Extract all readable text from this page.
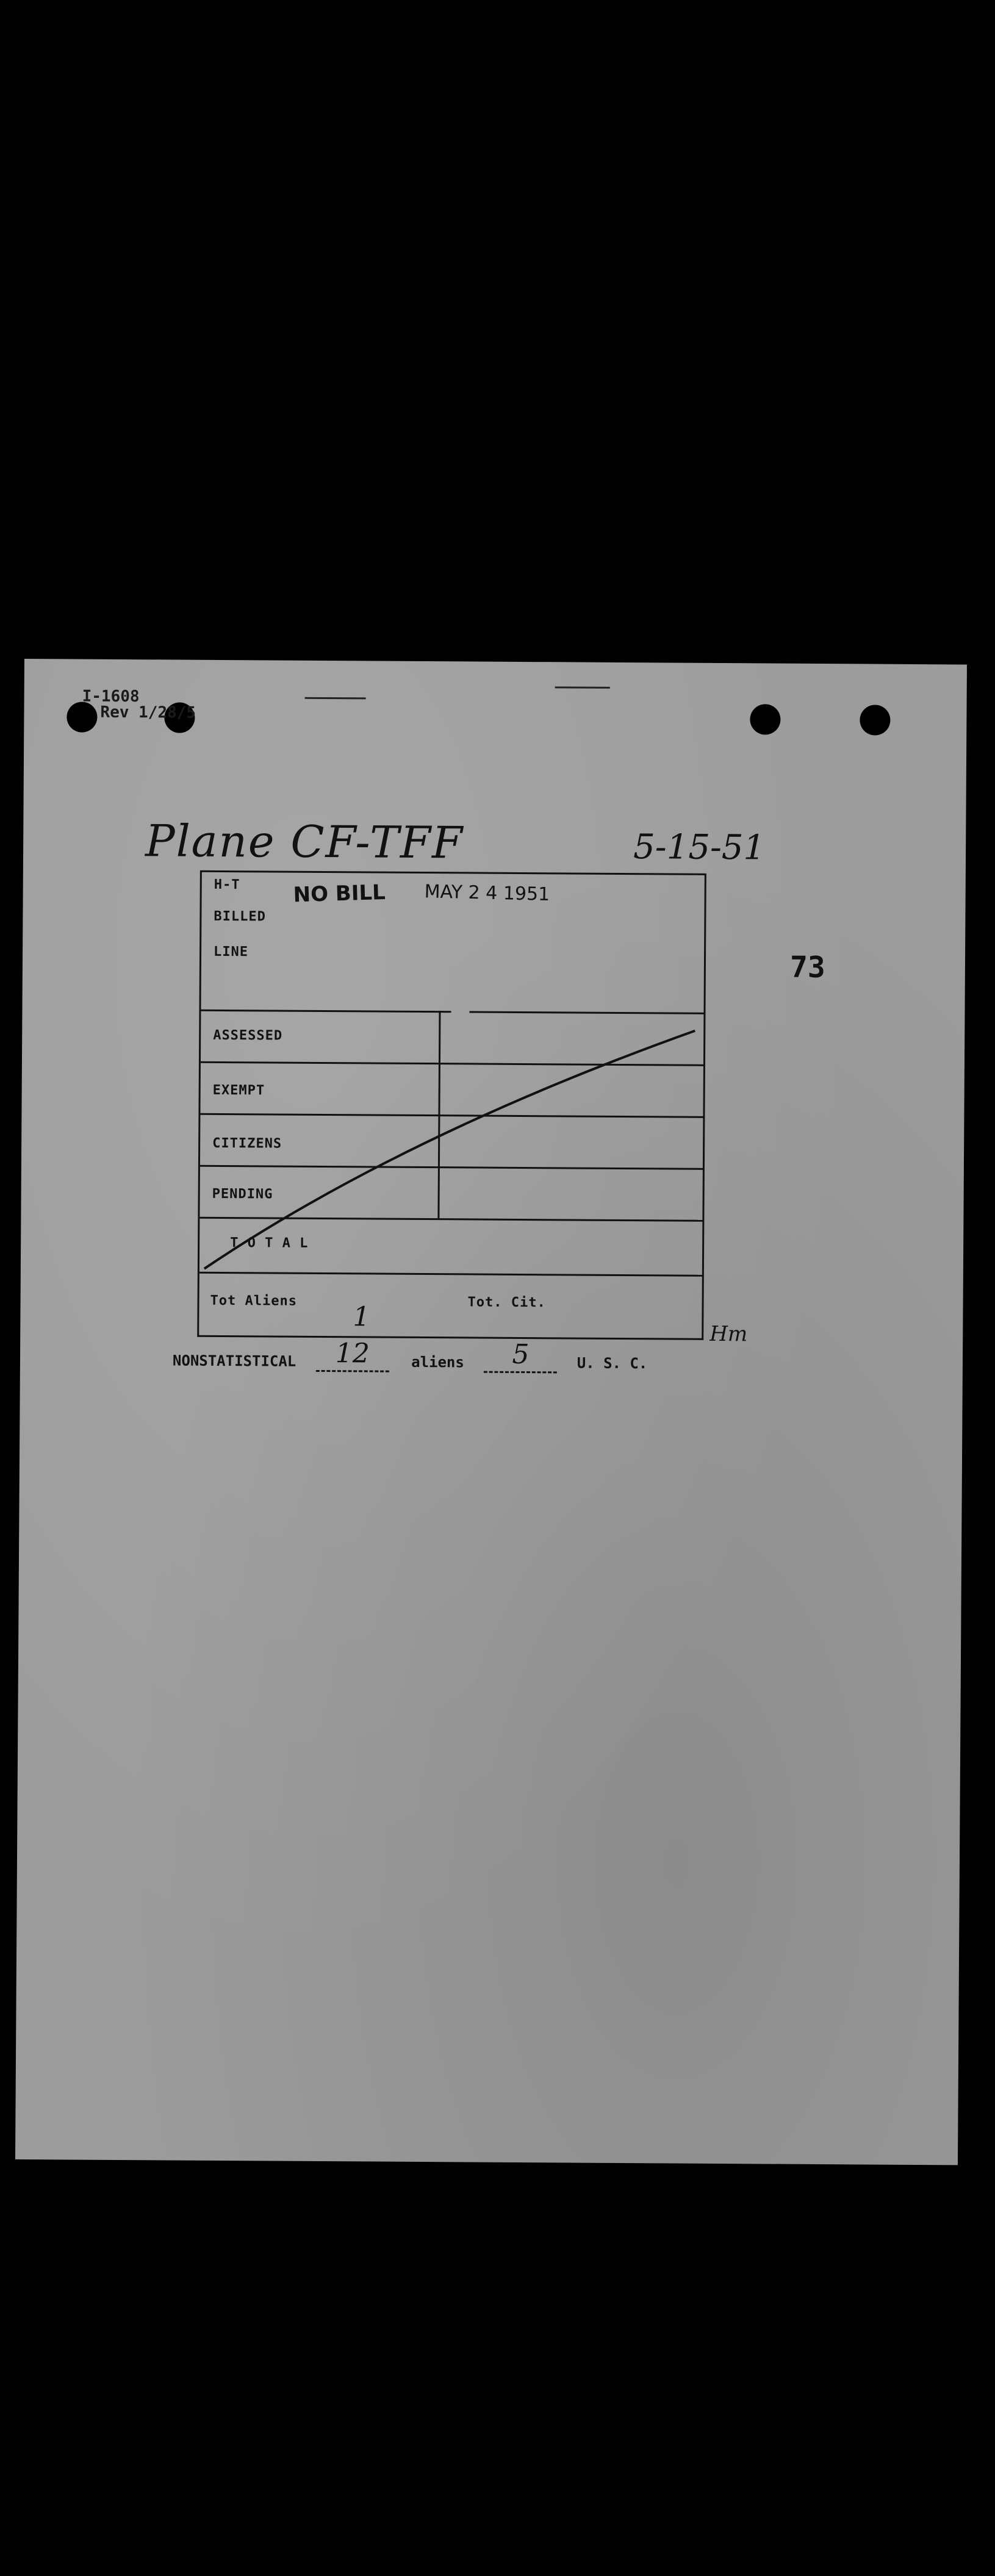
I-1608
Rev 1/28/5
Plane CF-TFF	5-15-51
73
H-T	NO BILL MAY 2 4 1951
BILLED
LINE
ASSESSED
EXEMPT
CITIZENS
PENDING
T O T A L
Tot Aliens	Tot. Cit.
1
Hm
NONSTATISTICAL	12	aliens	5	U. S. C.
